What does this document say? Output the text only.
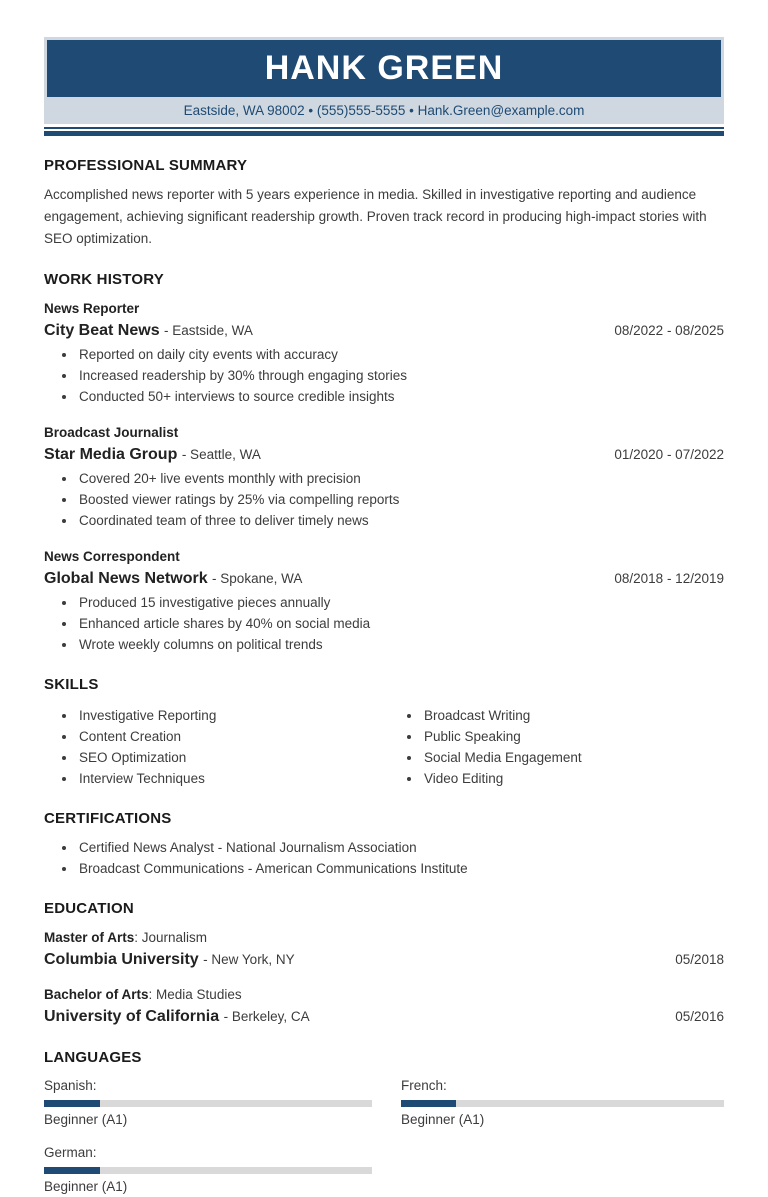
HANK GREEN
Eastside, WA 98002 • (555)555-5555 • Hank.Green@example.com
PROFESSIONAL SUMMARY

Accomplished news reporter with 5 years experience in media. Skilled in investigative reporting and audience engagement, achieving significant readership growth. Proven track record in producing high-impact stories with SEO optimization.

WORK HISTORY
News Reporter
City Beat News - Eastside, WA	08/2022 - 08/2025
• Reported on daily city events with accuracy
• Increased readership by 30% through engaging stories
• Conducted 50+ interviews to source credible insights
Broadcast Journalist
Star Media Group - Seattle, WA	01/2020 - 07/2022
• Covered 20+ live events monthly with precision
• Boosted viewer ratings by 25% via compelling reports
• Coordinated team of three to deliver timely news
News Correspondent
Global News Network - Spokane, WA	08/2018 - 12/2019
• Produced 15 investigative pieces annually
• Enhanced article shares by 40% on social media
• Wrote weekly columns on political trends
SKILLS
• Investigative Reporting
• Content Creation
• SEO Optimization
• Interview Techniques
• Broadcast Writing
• Public Speaking
• Social Media Engagement
• Video Editing
CERTIFICATIONS
• Certified News Analyst - National Journalism Association
• Broadcast Communications - American Communications Institute
EDUCATION
Master of Arts: Journalism
Columbia University - New York, NY	05/2018
Bachelor of Arts: Media Studies
University of California - Berkeley, CA	05/2016
LANGUAGES
Spanish:
Beginner (A1)
French:
Beginner (A1)
German:
Beginner (A1)
